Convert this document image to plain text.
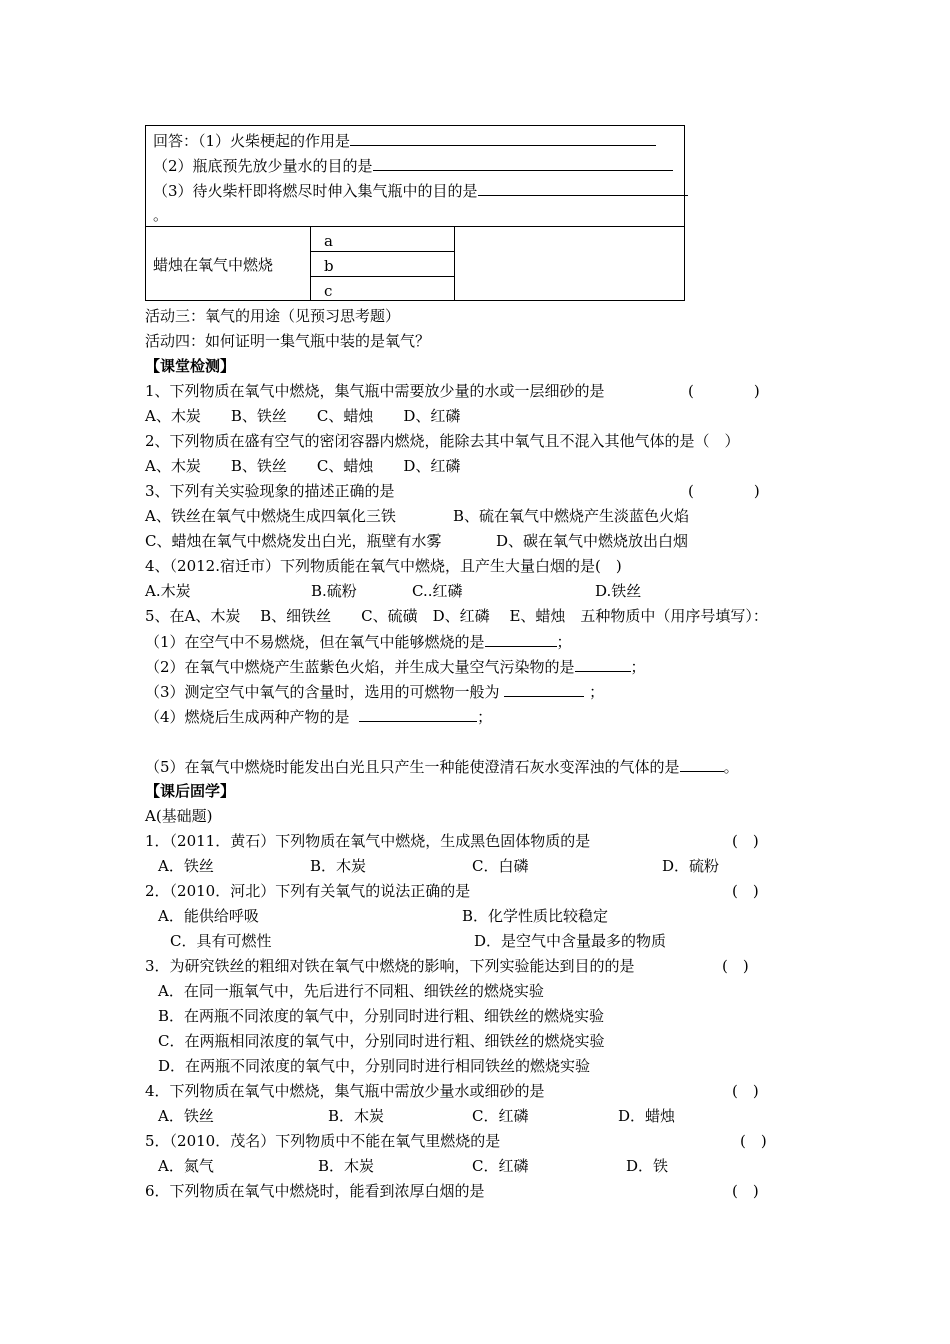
回答：（1）火柴梗起的作用是
（2）瓶底预先放少量水的目的是
（3）待火柴杆即将燃尽时伸入集气瓶中的目的是
。
蜡烛在氧气中燃烧
a
b
c
活动三：氧气的用途（见预习思考题）
活动四：如何证明一集气瓶中装的是氧气？
【课堂检测】
1、下列物质在氧气中燃烧，集气瓶中需要放少量的水或一层细砂的是	(　　　　)
A、木炭　　B、铁丝　　C、蜡烛　　D、红磷
2、下列物质在盛有空气的密闭容器内燃烧，能除去其中氧气且不混入其他气体的是（　）
A、木炭　　B、铁丝　　C、蜡烛　　D、红磷
3、下列有关实验现象的描述正确的是	(　　　　)
A、铁丝在氧气中燃烧生成四氧化三铁	B、硫在氧气中燃烧产生淡蓝色火焰
C、蜡烛在氧气中燃烧发出白光，瓶壁有水雾	D、碳在氧气中燃烧放出白烟
4、（2012.宿迁市）下列物质能在氧气中燃烧，且产生大量白烟的是(　)
A.木炭	B.硫粉	C..红磷	D.铁丝
5、在A、木炭　 B、细铁丝　　C、硫磺　D、红磷　 E、蜡烛　五种物质中（用序号填写）：
（1）在空气中不易燃烧，但在氧气中能够燃烧的是	；
（2）在氧气中燃烧产生蓝紫色火焰，并生成大量空气污染物的是	；
（3）测定空气中氧气的含量时，选用的可燃物一般为	；
（4）燃烧后生成两种产物的是	；
（5）在氧气中燃烧时能发出白光且只产生一种能使澄清石灰水变浑浊的气体的是	。
【课后固学】
A(基础题)
1．（2011．黄石）下列物质在氧气中燃烧，生成黑色固体物质的是	(　)
A．铁丝	B．木炭	C．白磷	D．硫粉
2．（2010．河北）下列有关氧气的说法正确的是	(　)
A．能供给呼吸	B．化学性质比较稳定
C．具有可燃性	D．是空气中含量最多的物质
3．为研究铁丝的粗细对铁在氧气中燃烧的影响，下列实验能达到目的的是	(　)
A．在同一瓶氧气中，先后进行不同粗、细铁丝的燃烧实验
B．在两瓶不同浓度的氧气中，分别同时进行粗、细铁丝的燃烧实验
C．在两瓶相同浓度的氧气中，分别同时进行粗、细铁丝的燃烧实验
D．在两瓶不同浓度的氧气中，分别同时进行相同铁丝的燃烧实验
4．下列物质在氧气中燃烧，集气瓶中需放少量水或细砂的是	(　)
A．铁丝	B．木炭	C．红磷	D．蜡烛
5．（2010．茂名）下列物质中不能在氧气里燃烧的是	(　)
A．氮气	B．木炭	C．红磷	D．铁
6．下列物质在氧气中燃烧时，能看到浓厚白烟的是	(　)
